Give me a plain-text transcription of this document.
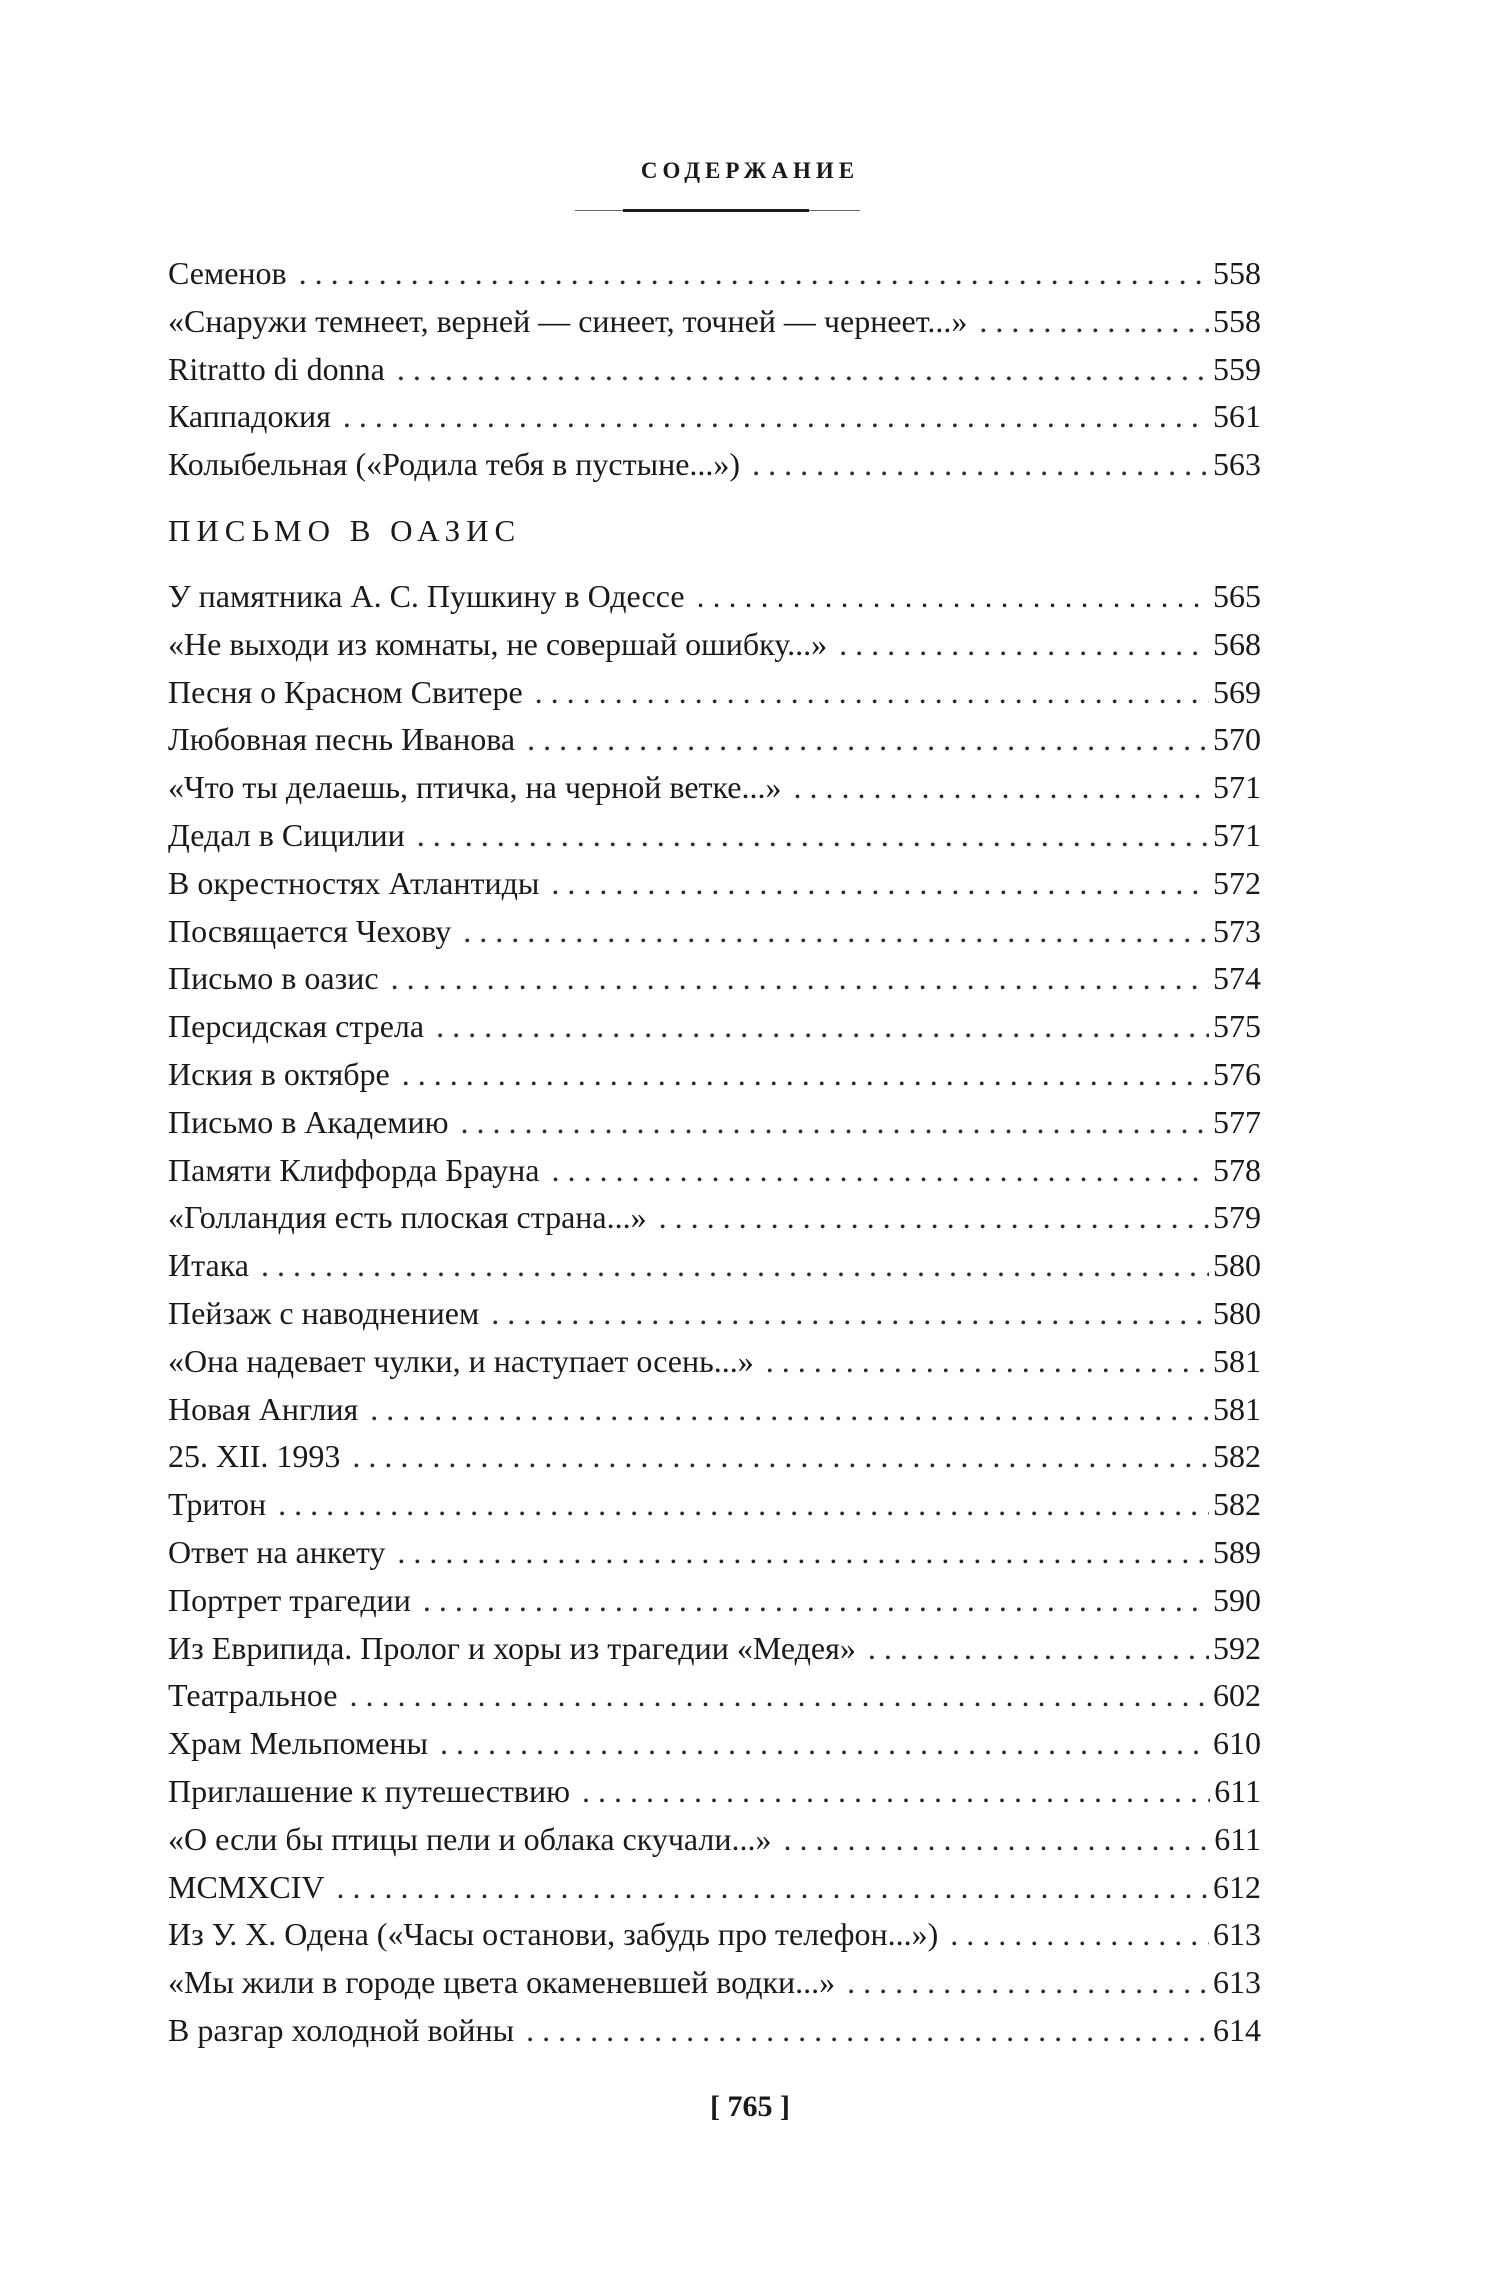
СОДЕРЖАНИЕ
Семенов . . .	558
«Снаружи темнеет, верней — синеет, точней — чернеет...» . . .	558
Ritratto di donna . . .	559
Каппадокия . . .	561
Колыбельная («Родила тебя в пустыне...») . . .	563
ПИСЬМО В ОАЗИС
У памятника А. С. Пушкину в Одессе . . .	565
«Не выходи из комнаты, не совершай ошибку...» . . .	568
Песня о Красном Свитере . . .	569
Любовная песнь Иванова . . .	570
«Что ты делаешь, птичка, на черной ветке...» . . .	571
Дедал в Сицилии . . .	571
В окрестностях Атлантиды . . .	572
Посвящается Чехову . . .	573
Письмо в оазис . . .	574
Персидская стрела . . .	575
Иския в октябре . . .	576
Письмо в Академию . . .	577
Памяти Клиффорда Брауна . . .	578
«Голландия есть плоская страна...» . . .	579
Итака . . .	580
Пейзаж с наводнением . . .	580
«Она надевает чулки, и наступает осень...» . . .	581
Новая Англия . . .	581
25. XII. 1993 . . .	582
Тритон . . .	582
Ответ на анкету . . .	589
Портрет трагедии . . .	590
Из Еврипида. Пролог и хоры из трагедии «Медея» . . .	592
Театральное . . .	602
Храм Мельпомены . . .	610
Приглашение к путешествию . . .	611
«О если бы птицы пели и облака скучали...» . . .	611
MCMXCIV . . .	612
Из У. Х. Одена («Часы останови, забудь про телефон...») . . .	613
«Мы жили в городе цвета окаменевшей водки...» . . .	613
В разгар холодной войны . . .	614
[ 765 ]
